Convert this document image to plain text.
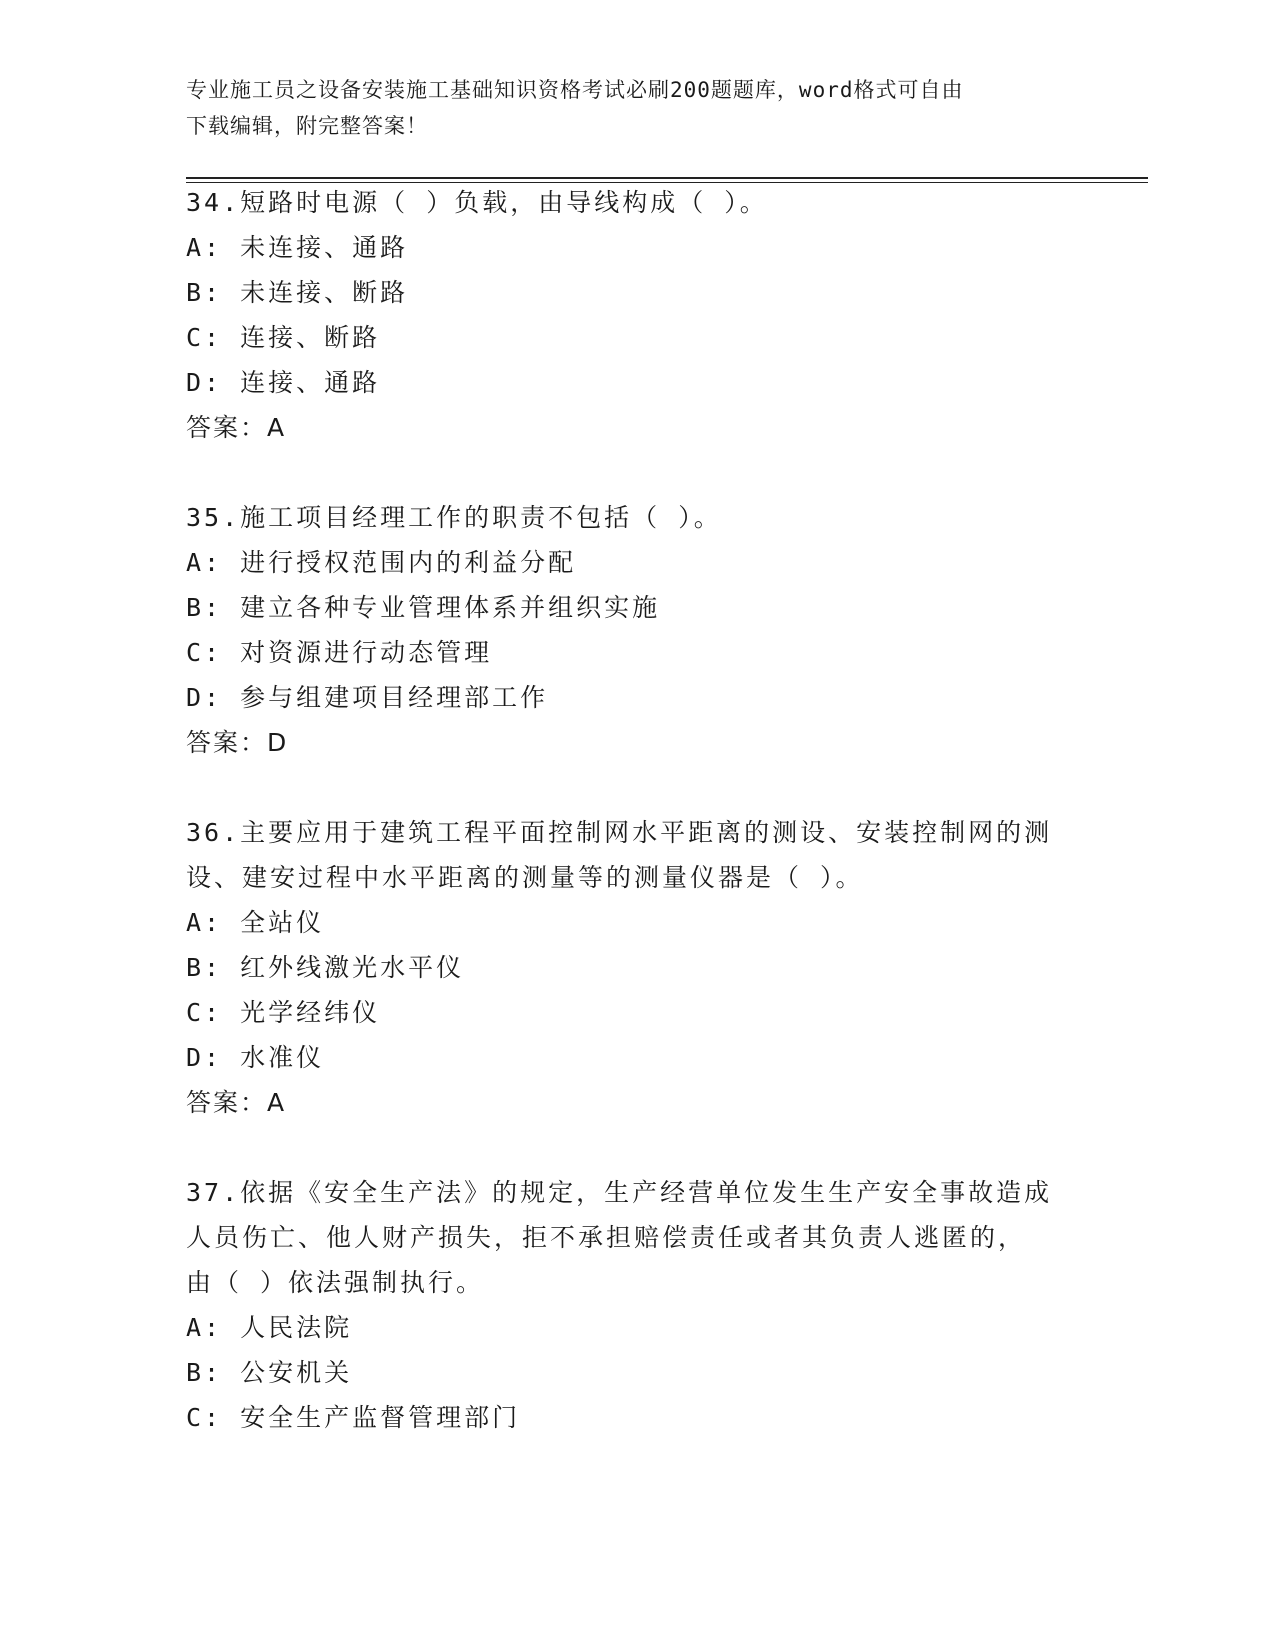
专业施工员之设备安装施工基础知识资格考试必刷200题题库，word格式可自由
下载编辑，附完整答案！
34.短路时电源（ ）负载，由导线构成（ ）。
A: 未连接、通路
B: 未连接、断路
C: 连接、断路
D: 连接、通路
答案：A
35.施工项目经理工作的职责不包括（ ）。
A: 进行授权范围内的利益分配
B: 建立各种专业管理体系并组织实施
C: 对资源进行动态管理
D: 参与组建项目经理部工作
答案：D
36.主要应用于建筑工程平面控制网水平距离的测设、安装控制网的测
设、建安过程中水平距离的测量等的测量仪器是（ ）。
A: 全站仪
B: 红外线激光水平仪
C: 光学经纬仪
D: 水准仪
答案：A
37.依据《安全生产法》的规定，生产经营单位发生生产安全事故造成
人员伤亡、他人财产损失，拒不承担赔偿责任或者其负责人逃匿的，
由（ ）依法强制执行。
A: 人民法院
B: 公安机关
C: 安全生产监督管理部门
